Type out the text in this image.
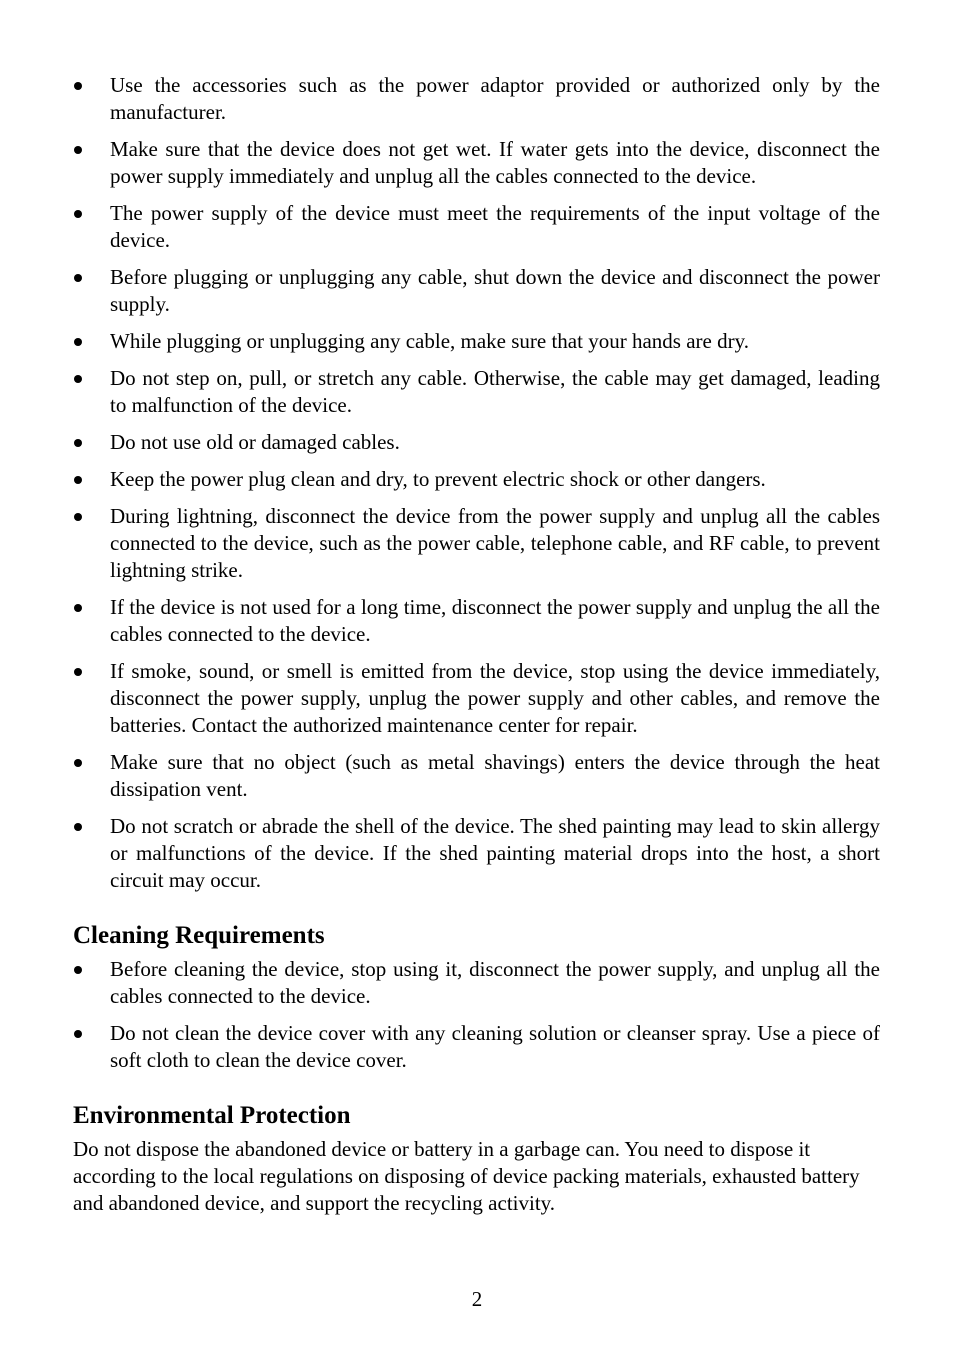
Use the accessories such as the power adaptor provided or authorized only by the manufacturer.
Make sure that the device does not get wet. If water gets into the device, disconnect the power supply immediately and unplug all the cables connected to the device.
The power supply of the device must meet the requirements of the input voltage of the device.
Before plugging or unplugging any cable, shut down the device and disconnect the power supply.
While plugging or unplugging any cable, make sure that your hands are dry.
Do not step on, pull, or stretch any cable. Otherwise, the cable may get damaged, leading to malfunction of the device.
Do not use old or damaged cables.
Keep the power plug clean and dry, to prevent electric shock or other dangers.
During lightning, disconnect the device from the power supply and unplug all the cables connected to the device, such as the power cable, telephone cable, and RF cable, to prevent lightning strike.
If the device is not used for a long time, disconnect the power supply and unplug the all the cables connected to the device.
If smoke, sound, or smell is emitted from the device, stop using the device immediately, disconnect the power supply, unplug the power supply and other cables, and remove the batteries. Contact the authorized maintenance center for repair.
Make sure that no object (such as metal shavings) enters the device through the heat dissipation vent.
Do not scratch or abrade the shell of the device. The shed painting may lead to skin allergy or malfunctions of the device. If the shed painting material drops into the host, a short circuit may occur.
Cleaning Requirements
Before cleaning the device, stop using it, disconnect the power supply, and unplug all the cables connected to the device.
Do not clean the device cover with any cleaning solution or cleanser spray. Use a piece of soft cloth to clean the device cover.
Environmental Protection

Do not dispose the abandoned device or battery in a garbage can. You need to dispose it according to the local regulations on disposing of device packing materials, exhausted battery and abandoned device, and support the recycling activity.

2
